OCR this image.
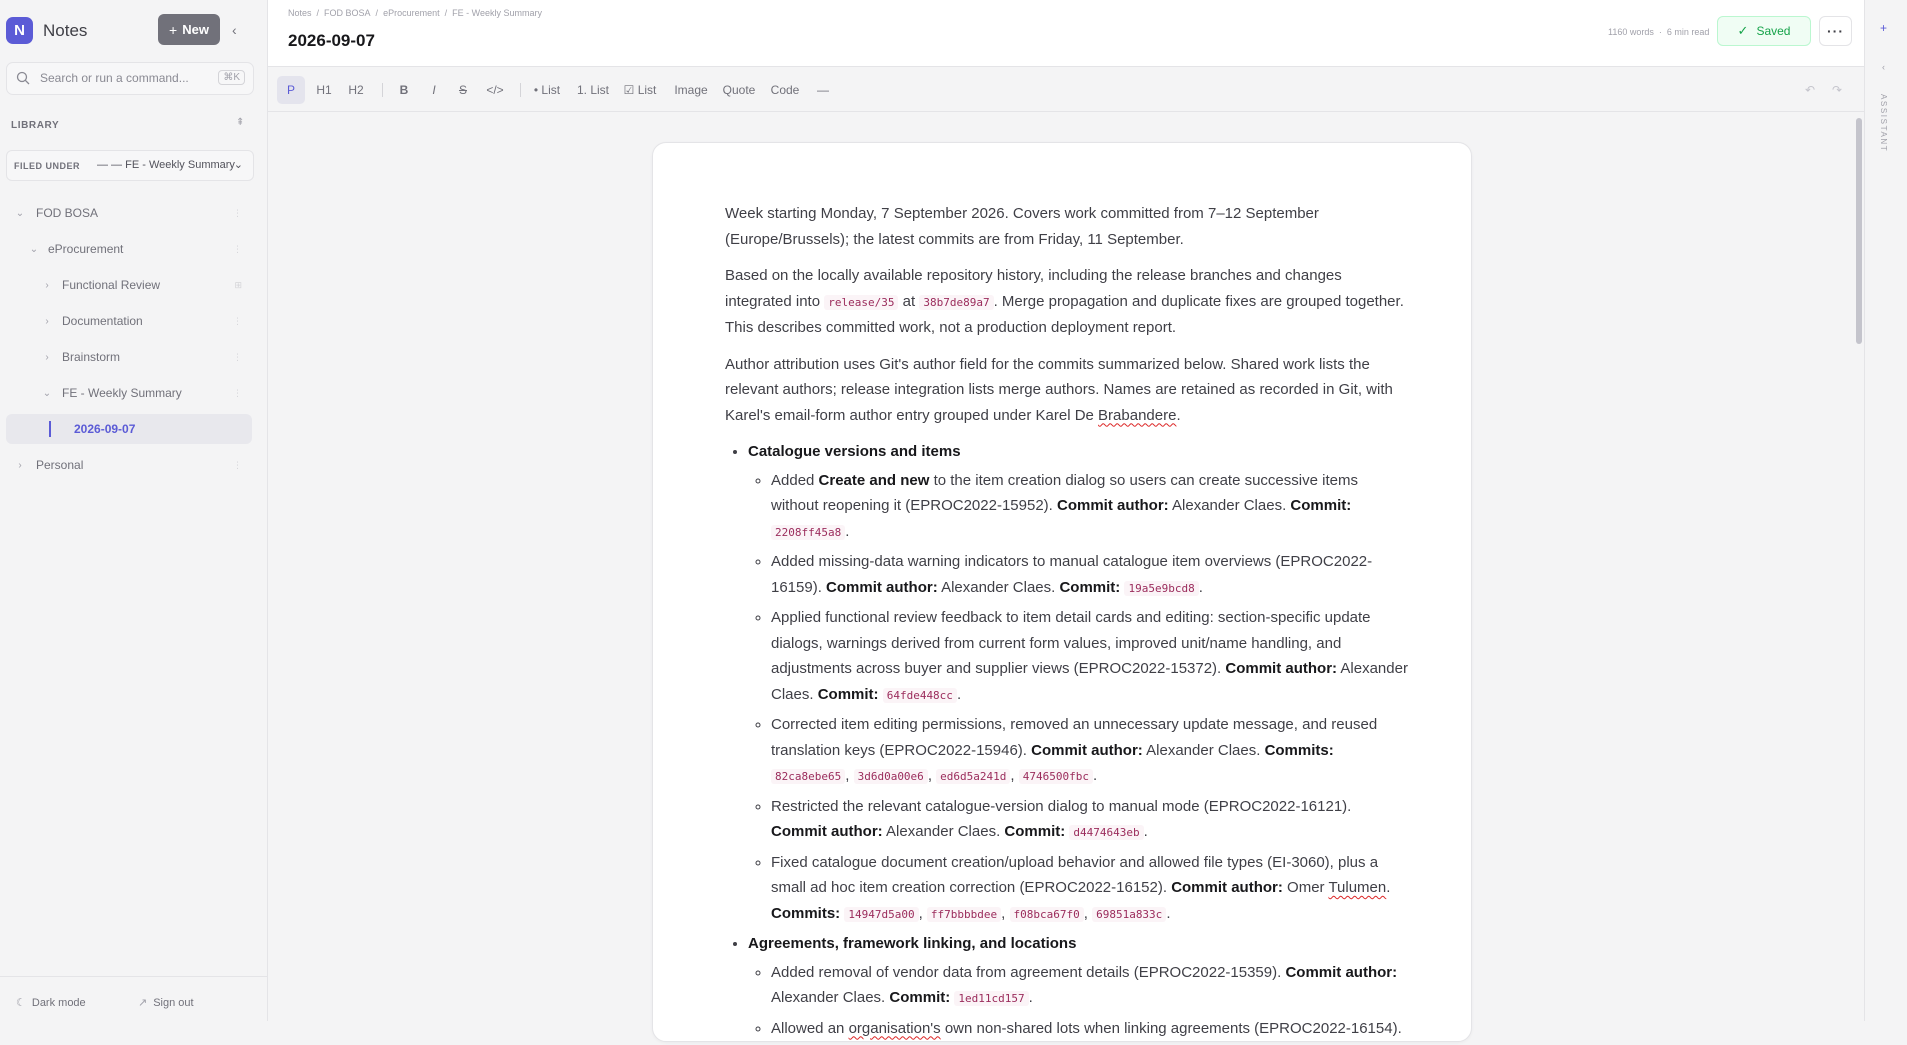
N	Notes	+ New ‹
Search or run a command...
⌘K
LIBRARY	⇞
FILED UNDER — — FE - Weekly Summary
⌄
⌄ FOD BOSA	⋮
⌄ eProcurement	⋮
›	Functional Review	⊞
›	Documentation	⋮
›	Brainstorm	⋮
⌄ FE - Weekly Summary	⋮
2026-09-07
›	Personal	⋮
☾ Dark mode	↗ Sign out
Notes / FOD BOSA / eProcurement / FE - Weekly Summary
2026-09-07	1160 words · 6 min read ✓ Saved	···
P	H1	H2	B	I	S	</>	• List	1. List ☑ List Image Quote Code —	↶	↷

Week starting Monday, 7 September 2026. Covers work committed from 7–12 September (Europe/Brussels); the latest commits are from Friday, 11 September.

Based on the locally available repository history, including the release branches and changes integrated into release/35 at 38b7de89a7 . Merge propagation and duplicate fixes are grouped together. This describes committed work, not a production deployment report.

Author attribution uses Git's author field for the commits summarized below. Shared work lists the relevant authors; release integration lists merge authors. Names are retained as recorded in Git, with Karel's email-form author entry grouped under Karel De Brabandere.

• Catalogue versions and items
◦ Added Create and new to the item creation dialog so users can create successive items without reopening it (EPROC2022-15952). Commit author: Alexander Claes. Commit: 2208ff45a8 .
◦ Added missing-data warning indicators to manual catalogue item overviews (EPROC2022-16159). Commit author: Alexander Claes. Commit: 19a5e9bcd8 .
◦ Applied functional review feedback to item detail cards and editing: section-specific update dialogs, warnings derived from current form values, improved unit/name handling, and adjustments across buyer and supplier views (EPROC2022-15372). Commit author: Alexander Claes. Commit: 64fde448cc .
◦ Corrected item editing permissions, removed an unnecessary update message, and reused translation keys (EPROC2022-15946). Commit author: Alexander Claes. Commits: 82ca8ebe65 , 3d6d0a00e6 , ed6d5a241d , 4746500fbc .
◦ Restricted the relevant catalogue-version dialog to manual mode (EPROC2022-16121). Commit author: Alexander Claes. Commit: d4474643eb .
◦ Fixed catalogue document creation/upload behavior and allowed file types (EI-3060), plus a small ad hoc item creation correction (EPROC2022-16152). Commit author: Omer Tulumen. Commits: 14947d5a00 , ff7bbbbdee , f08bca67f0 , 69851a833c .
• Agreements, framework linking, and locations
◦ Added removal of vendor data from agreement details (EPROC2022-15359). Commit author: Alexander Claes. Commit: 1ed11cd157 .
◦ Allowed an organisation's own non-shared lots when linking agreements (EPROC2022-16154).
+
‹
ASSISTANT
